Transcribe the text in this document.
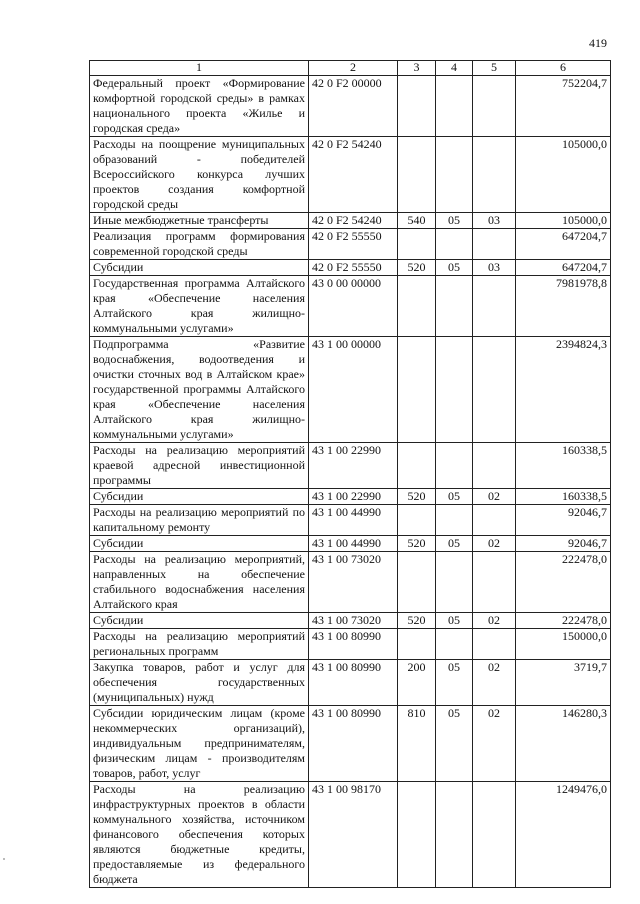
419
1	2	3	4	5	6
Федеральный проект «Формирование комфортной городской среды» в рамках национального проекта «Жилье и городская среда»	42 0 F2 00000				752204,7
Расходы на поощрение муниципальных образований - победителей Всероссийского конкурса лучших проектов создания комфортной городской среды	42 0 F2 54240				105000,0
Иные межбюджетные трансферты	42 0 F2 54240	540	05	03	105000,0
Реализация программ формирования современной городской среды	42 0 F2 55550				647204,7
Субсидии	42 0 F2 55550	520	05	03	647204,7
Государственная программа Алтайского края «Обеспечение населения Алтайского края жилищно-коммунальными услугами»	43 0 00 00000				7981978,8
Подпрограмма «Развитие водоснабжения, водоотведения и очистки сточных вод в Алтайском крае» государственной программы Алтайского края «Обеспечение населения Алтайского края жилищно-коммунальными услугами»	43 1 00 00000				2394824,3
Расходы на реализацию мероприятий краевой адресной инвестиционной программы	43 1 00 22990				160338,5
Субсидии	43 1 00 22990	520	05	02	160338,5
Расходы на реализацию мероприятий по капитальному ремонту	43 1 00 44990				92046,7
Субсидии	43 1 00 44990	520	05	02	92046,7
Расходы на реализацию мероприятий, направленных на обеспечение стабильного водоснабжения населения Алтайского края	43 1 00 73020				222478,0
Субсидии	43 1 00 73020	520	05	02	222478,0
Расходы на реализацию мероприятий региональных программ	43 1 00 80990				150000,0
Закупка товаров, работ и услуг для обеспечения государственных (муниципальных) нужд	43 1 00 80990	200	05	02	3719,7
Субсидии юридическим лицам (кроме некоммерческих организаций), индивидуальным предпринимателям, физическим лицам - производителям товаров, работ, услуг	43 1 00 80990	810	05	02	146280,3
Расходы на реализацию инфраструктурных проектов в области коммунального хозяйства, источником финансового обеспечения которых являются бюджетные кредиты, предоставляемые из федерального бюджета	43 1 00 98170				1249476,0
